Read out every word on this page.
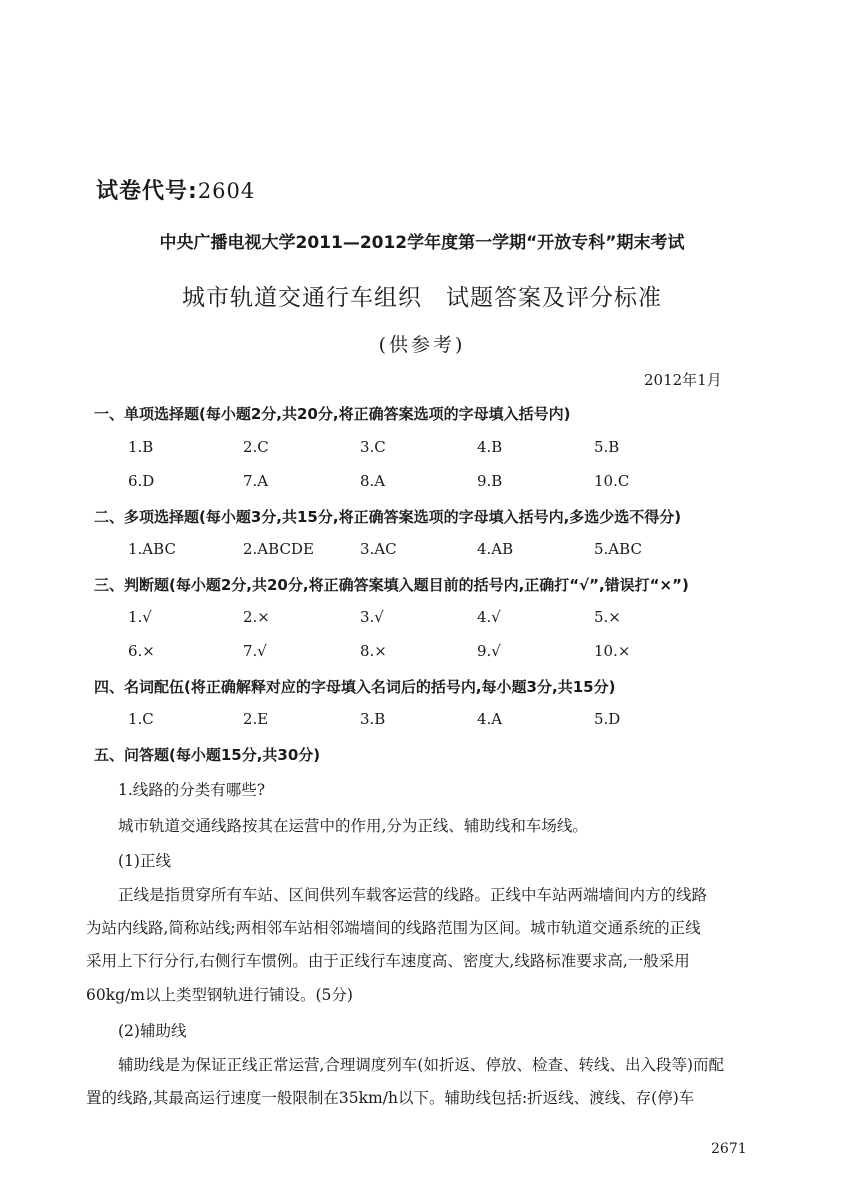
试卷代号:2604
中央广播电视大学2011—2012学年度第一学期“开放专科”期末考试
城市轨道交通行车组织　试题答案及评分标准
(供参考)
2012年1月
一、单项选择题(每小题2分,共20分,将正确答案选项的字母填入括号内)
1.B	2.C	3.C	4.B	5.B
6.D	7.A	8.A	9.B	10.C
二、多项选择题(每小题3分,共15分,将正确答案选项的字母填入括号内,多选少选不得分)
1.ABC	2.ABCDE	3.AC	4.AB	5.ABC
三、判断题(每小题2分,共20分,将正确答案填入题目前的括号内,正确打“√”,错误打“×”)
1.√	2.×	3.√	4.√	5.×
6.×	7.√	8.×	9.√	10.×
四、名词配伍(将正确解释对应的字母填入名词后的括号内,每小题3分,共15分)
1.C	2.E	3.B	4.A	5.D
五、问答题(每小题15分,共30分)
1.线路的分类有哪些?
城市轨道交通线路按其在运营中的作用,分为正线、辅助线和车场线。
(1)正线
正线是指贯穿所有车站、区间供列车载客运营的线路。正线中车站两端墙间内方的线路
为站内线路,简称站线;两相邻车站相邻端墙间的线路范围为区间。城市轨道交通系统的正线
采用上下行分行,右侧行车惯例。由于正线行车速度高、密度大,线路标准要求高,一般采用
60kg/m以上类型钢轨进行铺设。(5分)
(2)辅助线
辅助线是为保证正线正常运营,合理调度列车(如折返、停放、检查、转线、出入段等)而配
置的线路,其最高运行速度一般限制在35km/h以下。辅助线包括:折返线、渡线、存(停)车
2671
